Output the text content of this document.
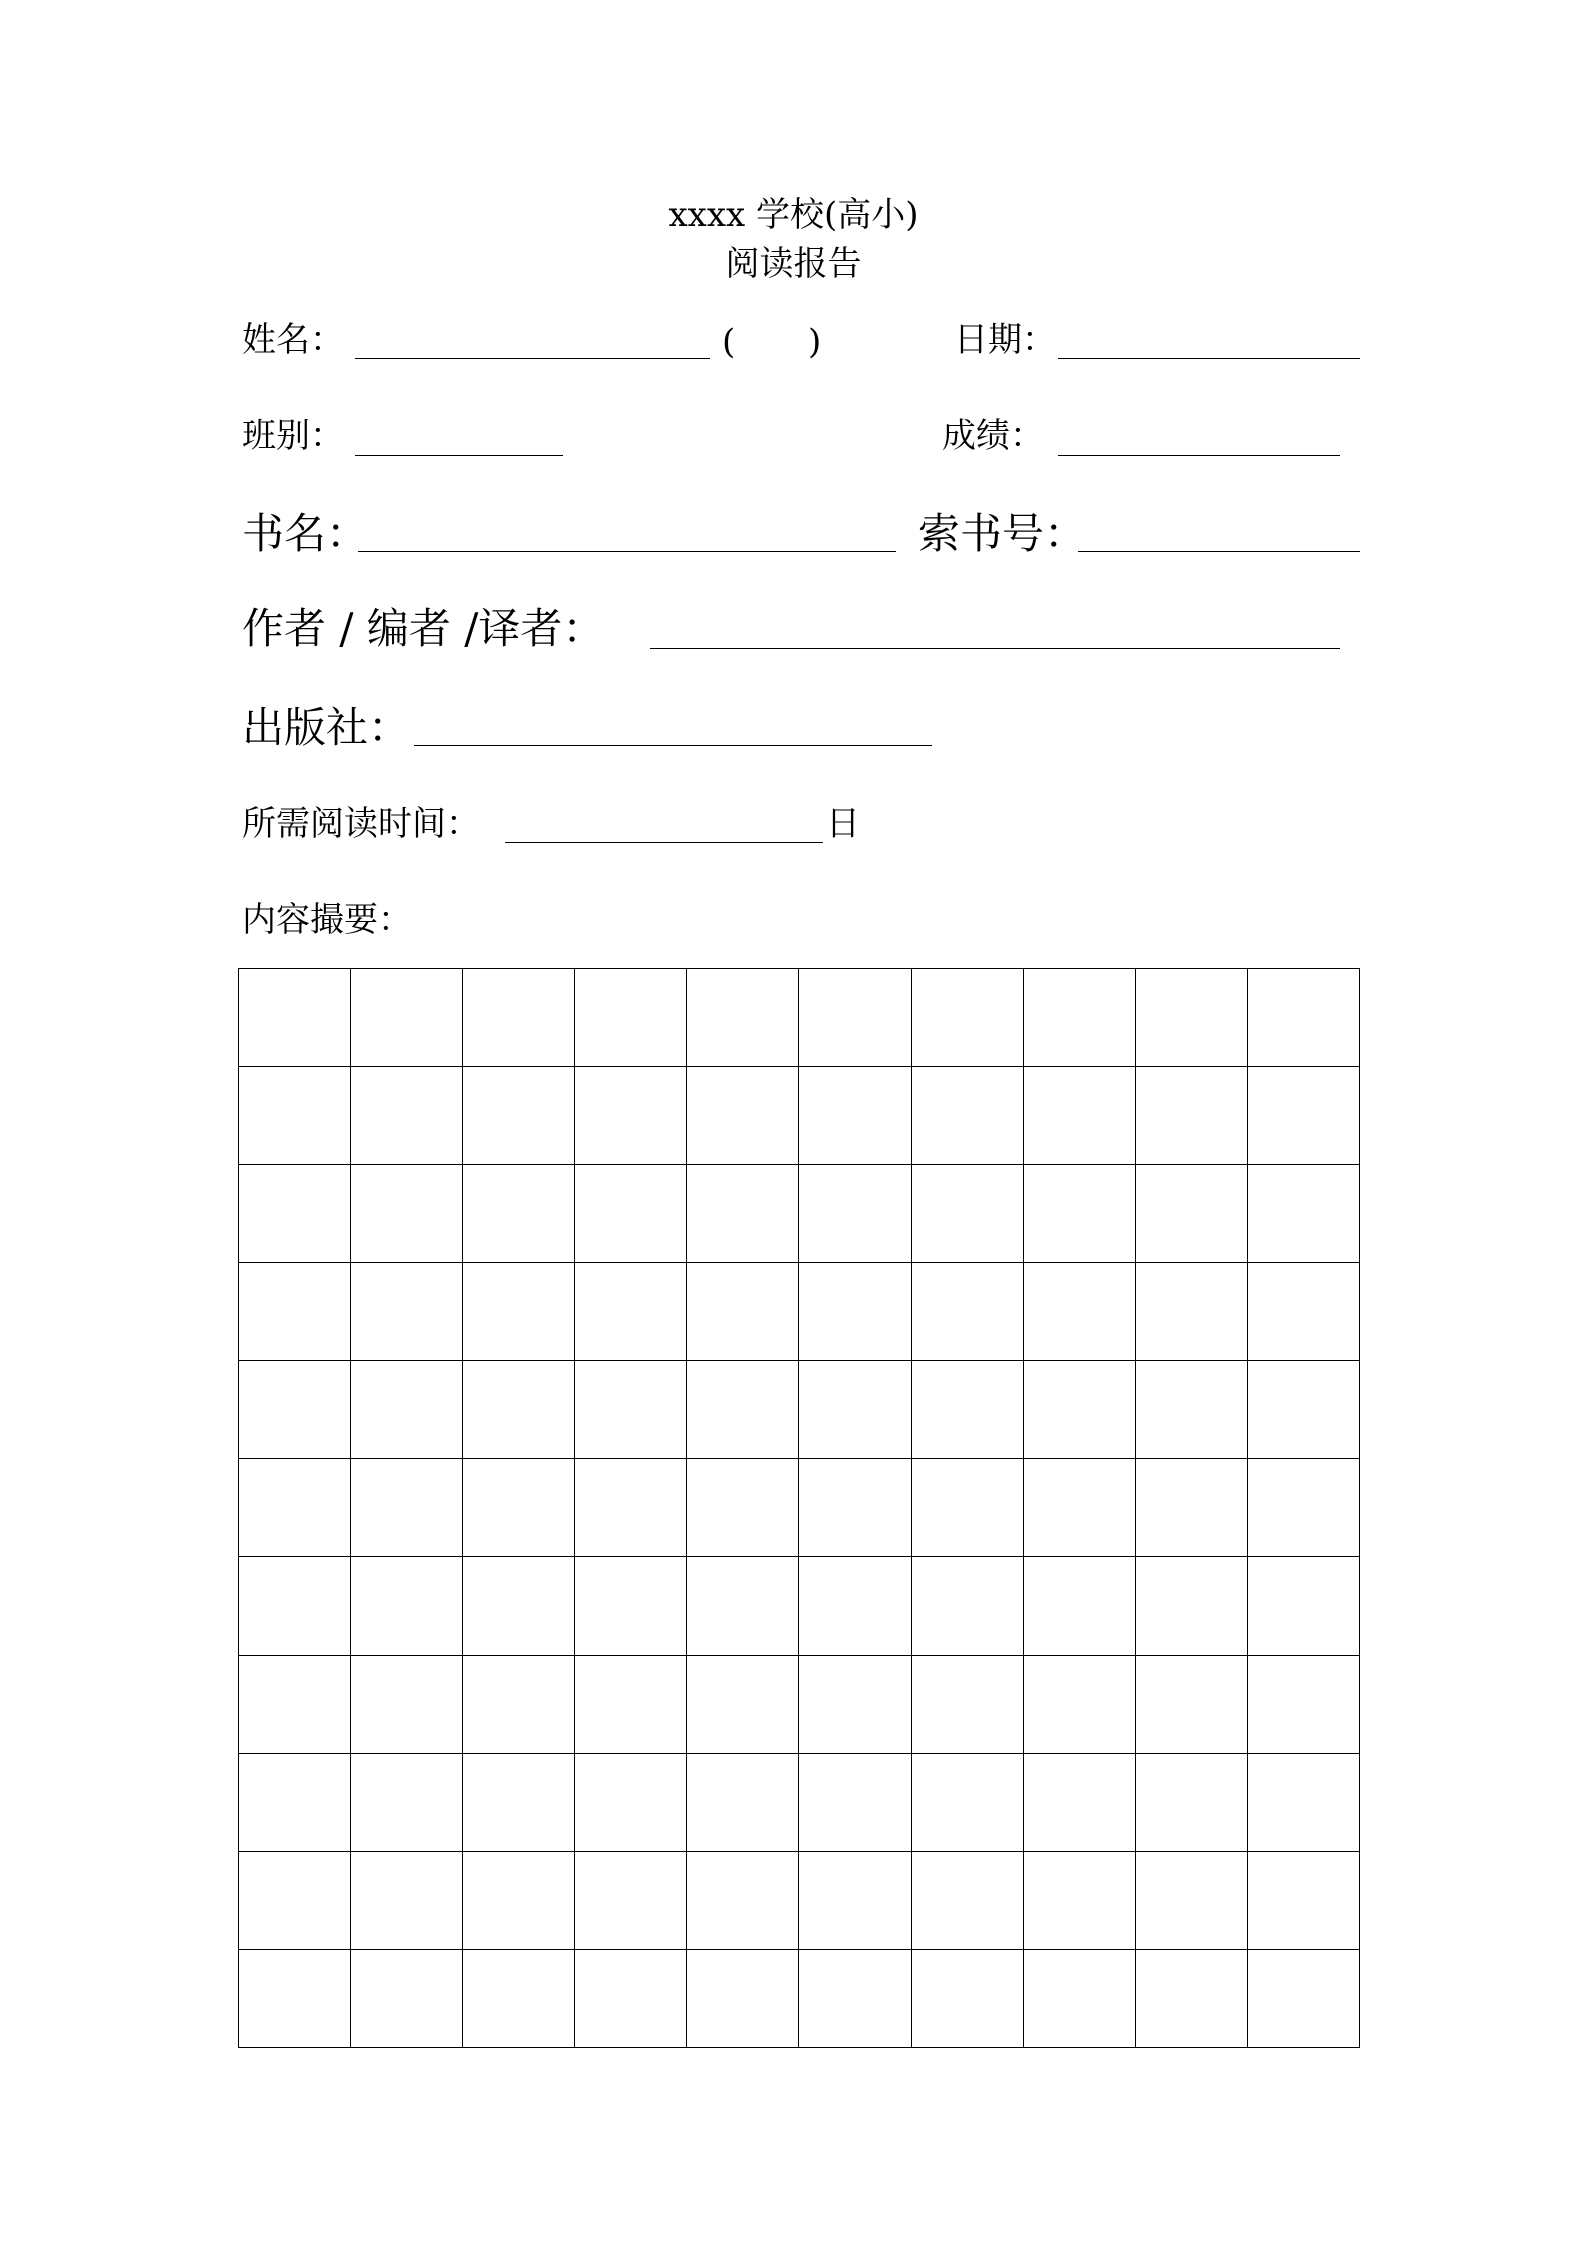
xxxx 学校(高小)
阅读报告
姓名：	( )	日期：
班别：	成绩：
书名：	索书号：
作者 / 编者 /译者：
出版社：
所需阅读时间：	日
内容撮要：
